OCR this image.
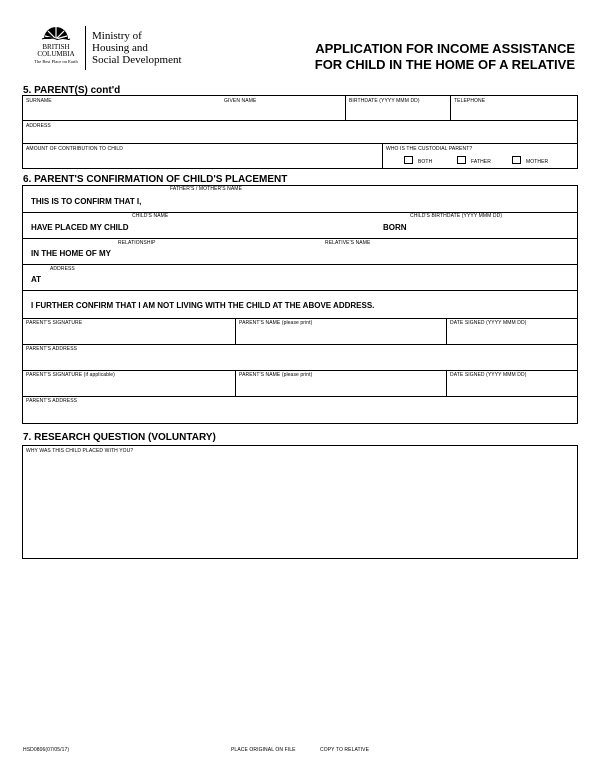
BRITISH
COLUMBIA
The Best Place on Earth
Ministry of
Housing and
Social Development
APPLICATION FOR INCOME ASSISTANCE
FOR CHILD IN THE HOME OF A RELATIVE
5. PARENT(S) cont'd
SURNAME	GIVEN NAME	BIRTHDATE (YYYY MMM DD)	TELEPHONE
ADDRESS
AMOUNT OF CONTRIBUTION TO CHILD	WHO IS THE CUSTODIAL PARENT?
BOTH	FATHER	MOTHER
6. PARENT'S CONFIRMATION OF CHILD'S PLACEMENT
FATHER'S / MOTHER'S NAME
THIS IS TO CONFIRM THAT I,
CHILD'S NAME	CHILD'S BIRTHDATE (YYYY MMM DD)
HAVE PLACED MY CHILD	BORN
RELATIONSHIP	RELATIVE'S NAME
IN THE HOME OF MY
ADDRESS
AT
I FURTHER CONFIRM THAT I AM NOT LIVING WITH THE CHILD AT THE ABOVE ADDRESS.
PARENT'S SIGNATURE	PARENT'S NAME (please print)	DATE SIGNED (YYYY MMM DD)
PARENT'S ADDRESS
PARENT'S SIGNATURE (if applicable)	PARENT'S NAME (please print)	DATE SIGNED (YYYY MMM DD)
PARENT'S ADDRESS
7. RESEARCH QUESTION (VOLUNTARY)
WHY WAS THIS CHILD PLACED WITH YOU?
HSD0806(07/05/17)	PLACE ORIGINAL ON FILE	COPY TO RELATIVE
